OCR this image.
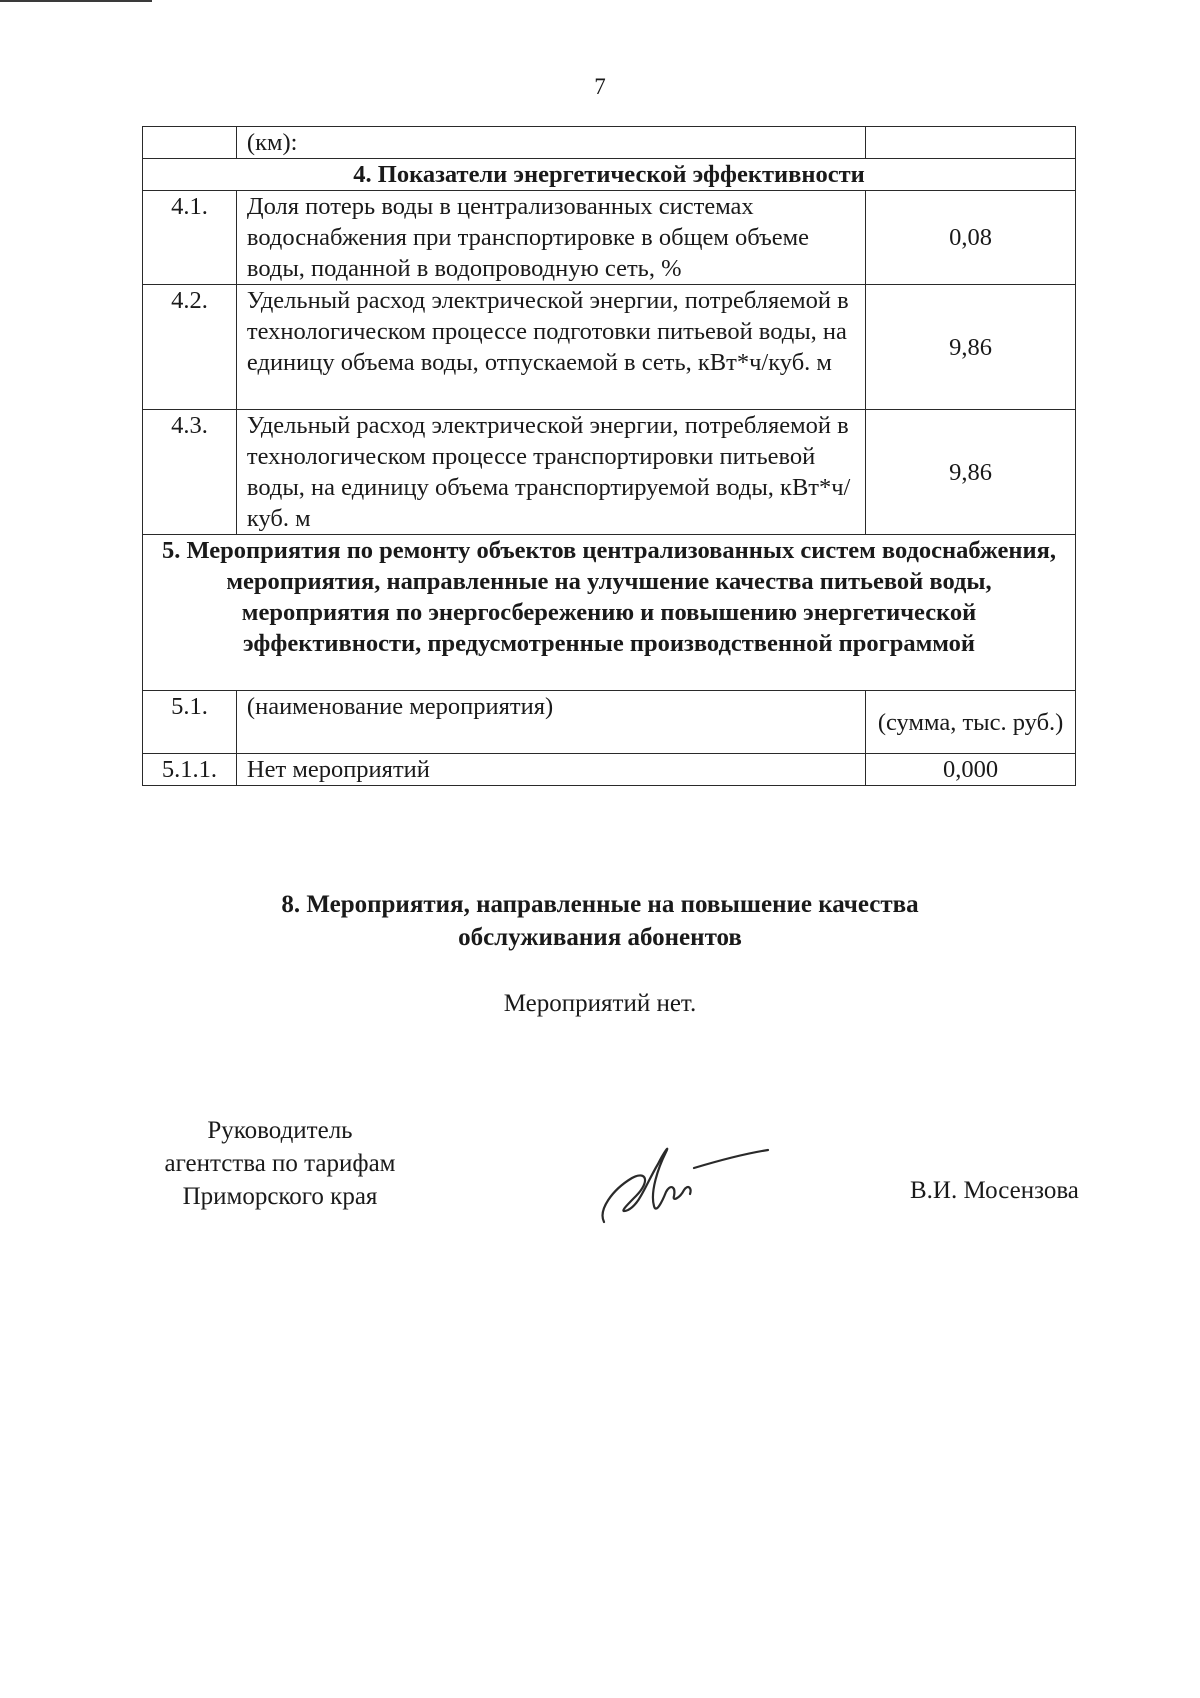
7
	(км):	
4. Показатели энергетической эффективности		
4.1.	Доля потерь воды в централизованных системах водоснабжения при транспортировке в общем объеме воды, поданной в водопроводную сеть, %	0,08
4.2.	Удельный расход электрической энергии, потребляемой в технологическом процессе подготовки питьевой воды, на единицу объема воды, отпускаемой в сеть, кВт*ч/куб. м	9,86
4.3.	Удельный расход электрической энергии, потребляемой в технологическом процессе транспортировки питьевой воды, на единицу объема транспортируемой воды, кВт*ч/куб. м	9,86
5. Мероприятия по ремонту объектов централизованных систем водоснабжения, мероприятия, направленные на улучшение качества питьевой воды, мероприятия по энергосбережению и повышению энергетической эффективности, предусмотренные производственной программой		
5.1.	(наименование мероприятия)	(сумма, тыс. руб.)
5.1.1.	Нет мероприятий	0,000
8. Мероприятия, направленные на повышение качества
обслуживания абонентов
Мероприятий нет.
Руководитель
агентства по тарифам
Приморского края	В.И. Мосензова
